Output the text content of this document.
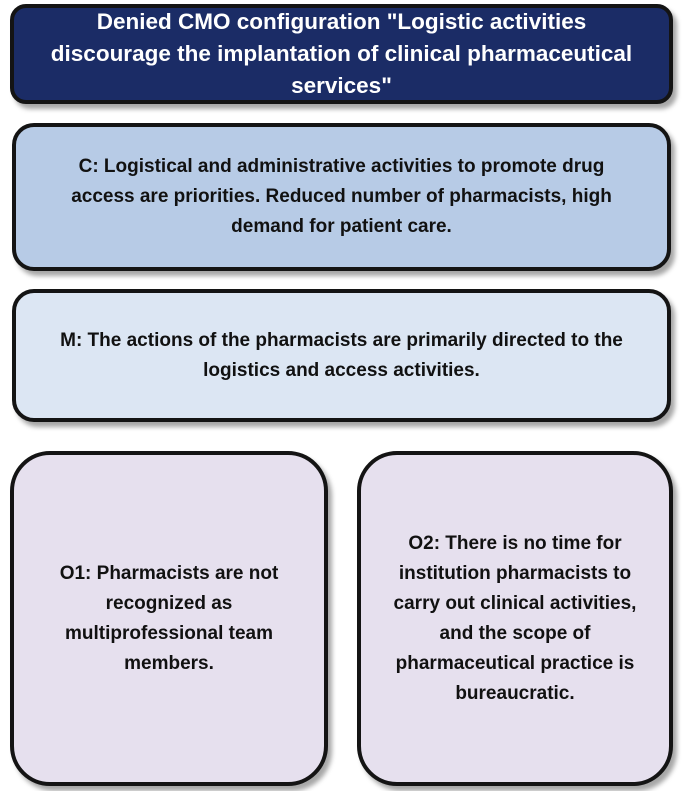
Denied CMO configuration "Logistic activities discourage the implantation of clinical pharmaceutical services"
C: Logistical and administrative activities to promote drug access are priorities. Reduced number of pharmacists, high demand for patient care.
M: The actions of the pharmacists are primarily directed to the logistics and access activities.
O1: Pharmacists are not recognized as multiprofessional team members.
O2: There is no time for institution pharmacists to carry out clinical activities, and the scope of pharmaceutical practice is bureaucratic.
